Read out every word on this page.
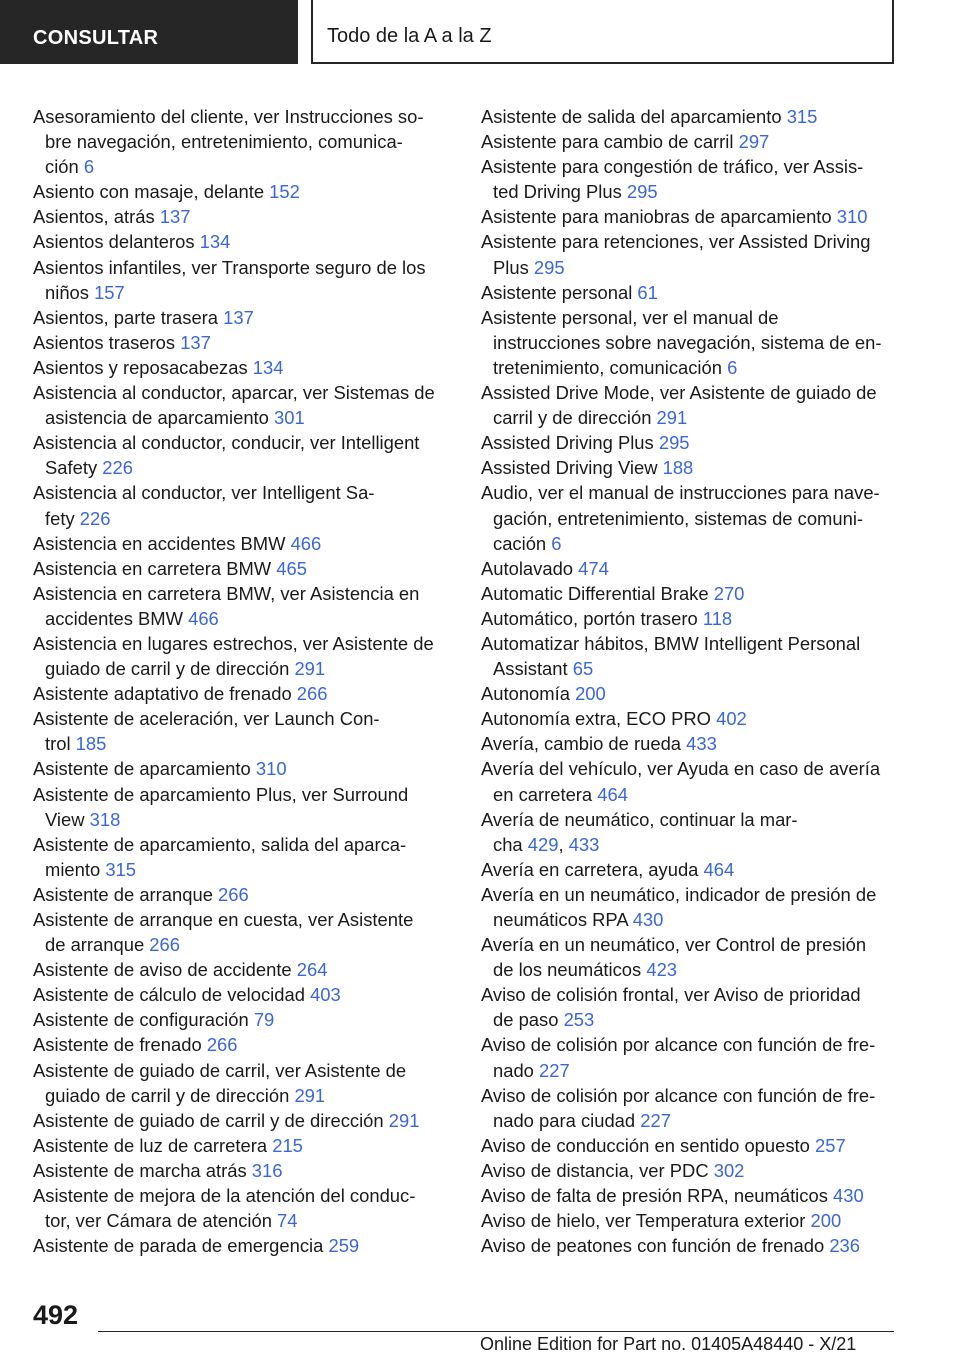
CONSULTAR	Todo de la A a la Z
Asesoramiento del cliente, ver Instrucciones so-
bre navegación, entretenimiento, comunica-
ción 6
Asiento con masaje, delante 152
Asientos, atrás 137
Asientos delanteros 134
Asientos infantiles, ver Transporte seguro de los
niños 157
Asientos, parte trasera 137
Asientos traseros 137
Asientos y reposacabezas 134
Asistencia al conductor, aparcar, ver Sistemas de
asistencia de aparcamiento 301
Asistencia al conductor, conducir, ver Intelligent
Safety 226
Asistencia al conductor, ver Intelligent Sa-
fety 226
Asistencia en accidentes BMW 466
Asistencia en carretera BMW 465
Asistencia en carretera BMW, ver Asistencia en
accidentes BMW 466
Asistencia en lugares estrechos, ver Asistente de
guiado de carril y de dirección 291
Asistente adaptativo de frenado 266
Asistente de aceleración, ver Launch Con-
trol 185
Asistente de aparcamiento 310
Asistente de aparcamiento Plus, ver Surround
View 318
Asistente de aparcamiento, salida del aparca-
miento 315
Asistente de arranque 266
Asistente de arranque en cuesta, ver Asistente
de arranque 266
Asistente de aviso de accidente 264
Asistente de cálculo de velocidad 403
Asistente de configuración 79
Asistente de frenado 266
Asistente de guiado de carril, ver Asistente de
guiado de carril y de dirección 291
Asistente de guiado de carril y de dirección 291
Asistente de luz de carretera 215
Asistente de marcha atrás 316
Asistente de mejora de la atención del conduc-
tor, ver Cámara de atención 74
Asistente de parada de emergencia 259
Asistente de salida del aparcamiento 315
Asistente para cambio de carril 297
Asistente para congestión de tráfico, ver Assis-
ted Driving Plus 295
Asistente para maniobras de aparcamiento 310
Asistente para retenciones, ver Assisted Driving
Plus 295
Asistente personal 61
Asistente personal, ver el manual de
instrucciones sobre navegación, sistema de en-
tretenimiento, comunicación 6
Assisted Drive Mode, ver Asistente de guiado de
carril y de dirección 291
Assisted Driving Plus 295
Assisted Driving View 188
Audio, ver el manual de instrucciones para nave-
gación, entretenimiento, sistemas de comuni-
cación 6
Autolavado 474
Automatic Differential Brake 270
Automático, portón trasero 118
Automatizar hábitos, BMW Intelligent Personal
Assistant 65
Autonomía 200
Autonomía extra, ECO PRO 402
Avería, cambio de rueda 433
Avería del vehículo, ver Ayuda en caso de avería
en carretera 464
Avería de neumático, continuar la mar-
cha 429, 433
Avería en carretera, ayuda 464
Avería en un neumático, indicador de presión de
neumáticos RPA 430
Avería en un neumático, ver Control de presión
de los neumáticos 423
Aviso de colisión frontal, ver Aviso de prioridad
de paso 253
Aviso de colisión por alcance con función de fre-
nado 227
Aviso de colisión por alcance con función de fre-
nado para ciudad 227
Aviso de conducción en sentido opuesto 257
Aviso de distancia, ver PDC 302
Aviso de falta de presión RPA, neumáticos 430
Aviso de hielo, ver Temperatura exterior 200
Aviso de peatones con función de frenado 236
492
Online Edition for Part no. 01405A48440 - X/21
